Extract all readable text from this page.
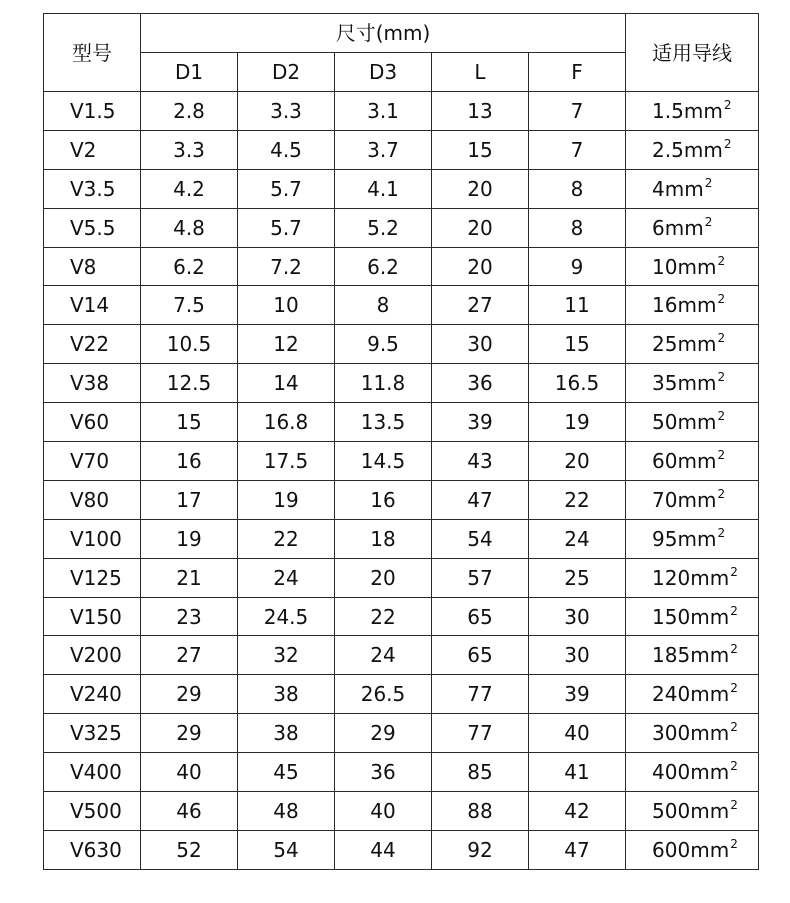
型号	尺寸(mm)					适用导线
	D1	D2	D3	L	F	
V1.5	2.8	3.3	3.1	13	7	$1.5mm^2$
V2	3.3	4.5	3.7	15	7	$2.5mm^2$
V3.5	4.2	5.7	4.1	20	8	$4mm^2$
V5.5	4.8	5.7	5.2	20	8	$6mm^2$
V8	6.2	7.2	6.2	20	9	$10mm^2$
V14	7.5	10	8	27	11	$16mm^2$
V22	10.5	12	9.5	30	15	$25mm^2$
V38	12.5	14	11.8	36	16.5	$35mm^2$
V60	15	16.8	13.5	39	19	$50mm^2$
V70	16	17.5	14.5	43	20	$60mm^2$
V80	17	19	16	47	22	$70mm^2$
V100	19	22	18	54	24	$95mm^2$
V125	21	24	20	57	25	$120mm^2$
V150	23	24.5	22	65	30	$150mm^2$
V200	27	32	24	65	30	$185mm^2$
V240	29	38	26.5	77	39	$240mm^2$
V325	29	38	29	77	40	$300mm^2$
V400	40	45	36	85	41	$400mm^2$
V500	46	48	40	88	42	$500mm^2$
V630	52	54	44	92	47	$600mm^2$
